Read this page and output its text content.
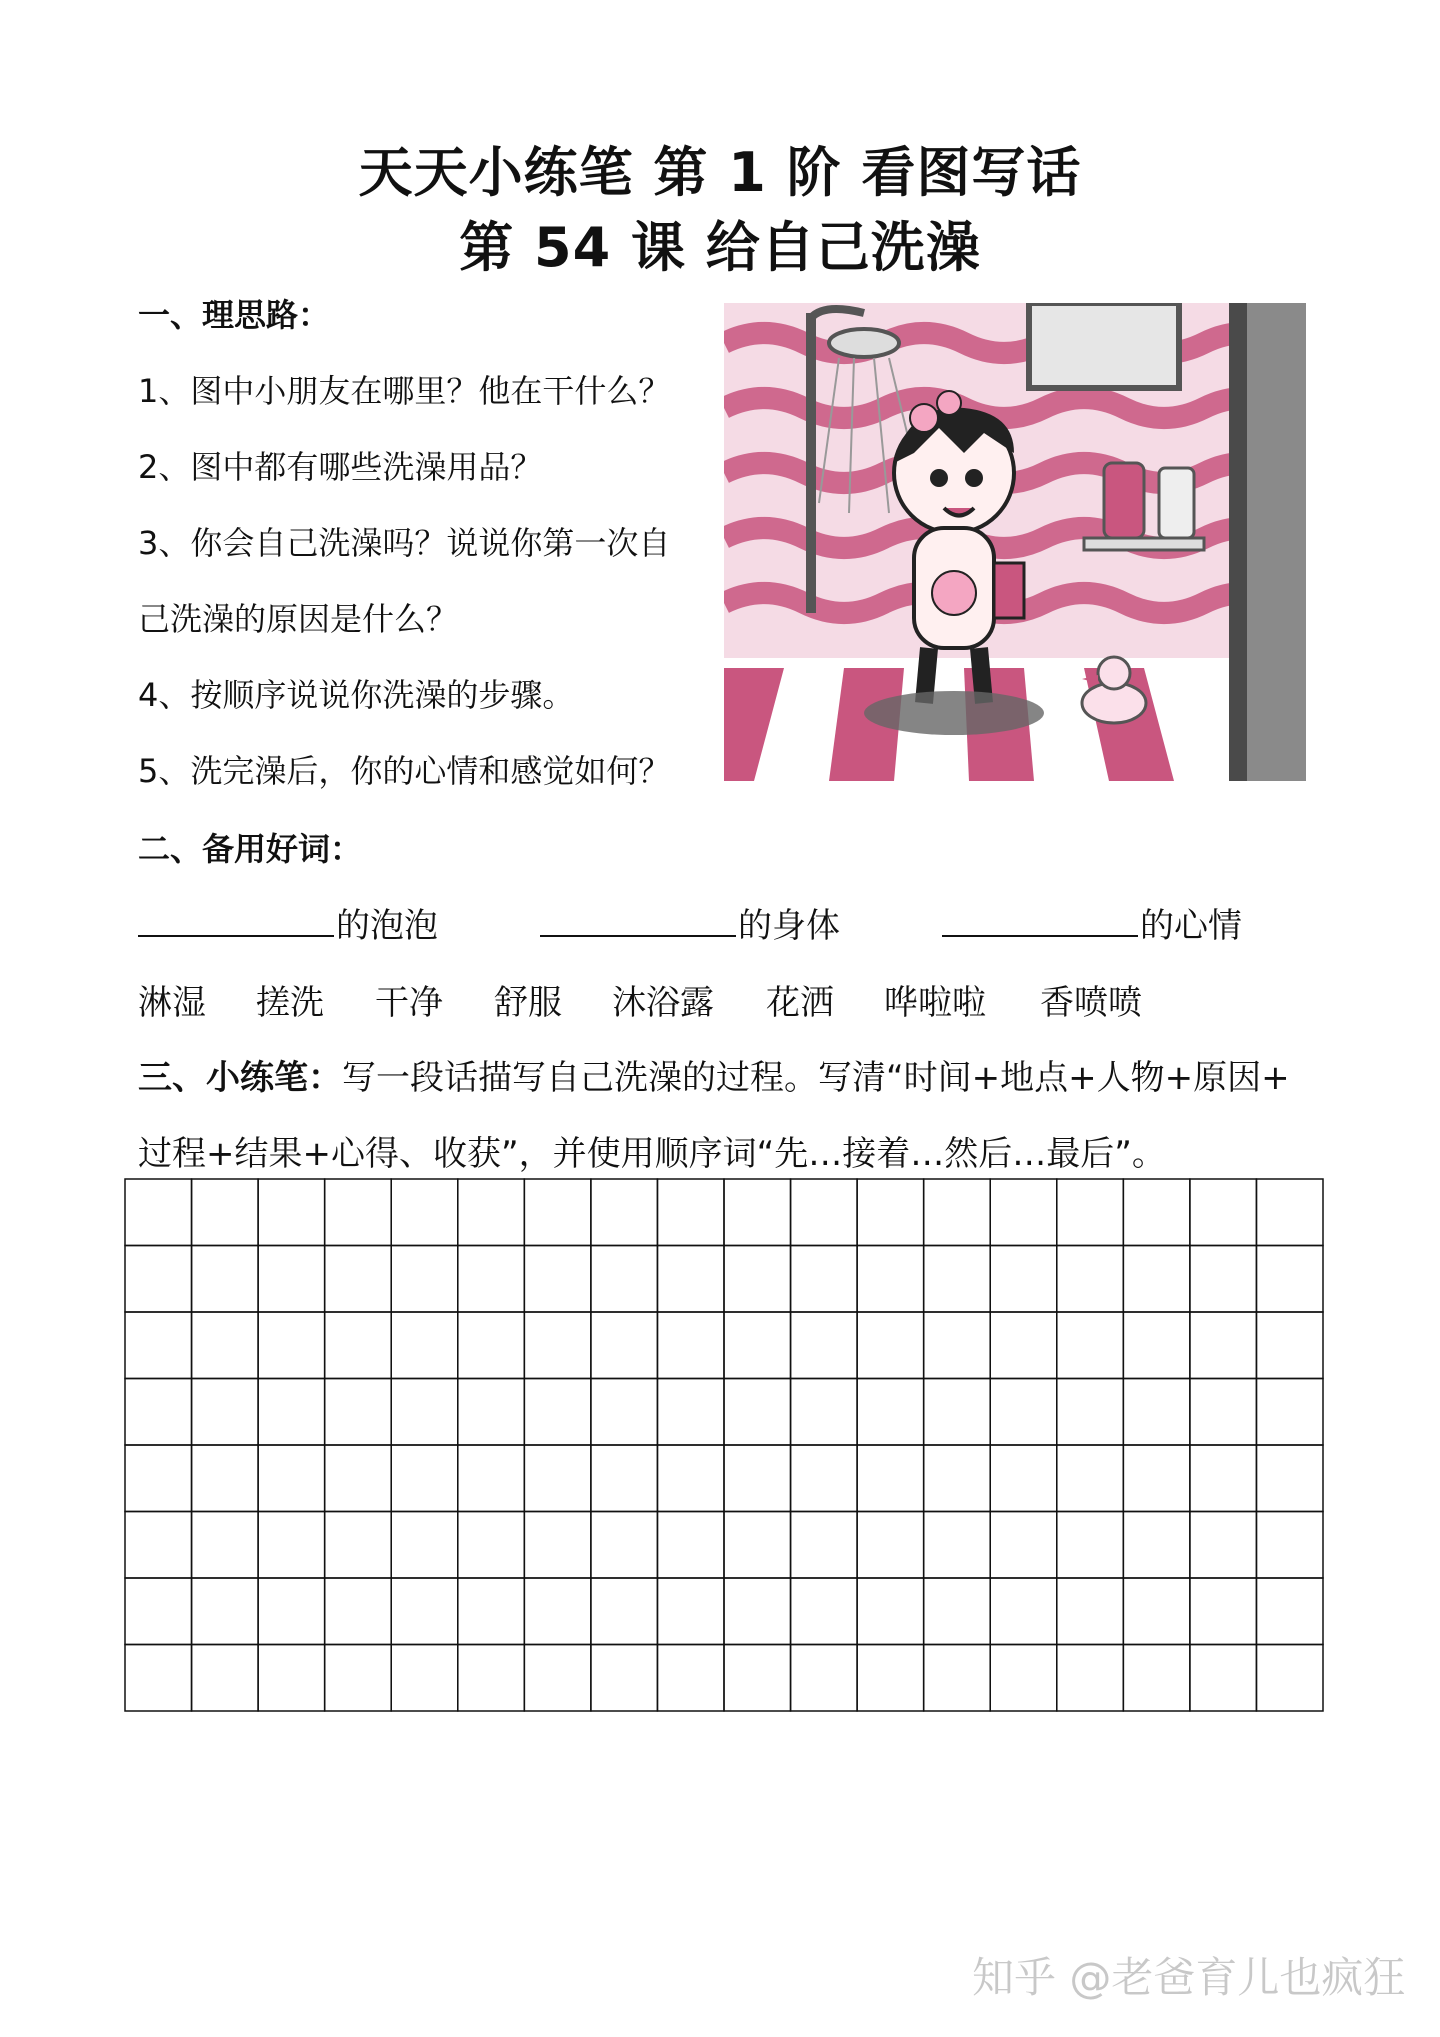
天天小练笔 第 1 阶 看图写话
第 54 课 给自己洗澡
一、理思路：
1、图中小朋友在哪里？他在干什么？
2、图中都有哪些洗澡用品？
3、你会自己洗澡吗？说说你第一次自
己洗澡的原因是什么？
4、按顺序说说你洗澡的步骤。
5、洗完澡后，你的心情和感觉如何？
二、备用好词：
的泡泡	的身体	的心情
淋湿 搓洗 干净 舒服 沐浴露 花洒 哗啦啦 香喷喷
三、小练笔：写一段话描写自己洗澡的过程。写清“时间+地点+人物+原因+
过程+结果+心得、收获”，并使用顺序词“先…接着…然后…最后”。
知乎 @老爸育儿也疯狂
